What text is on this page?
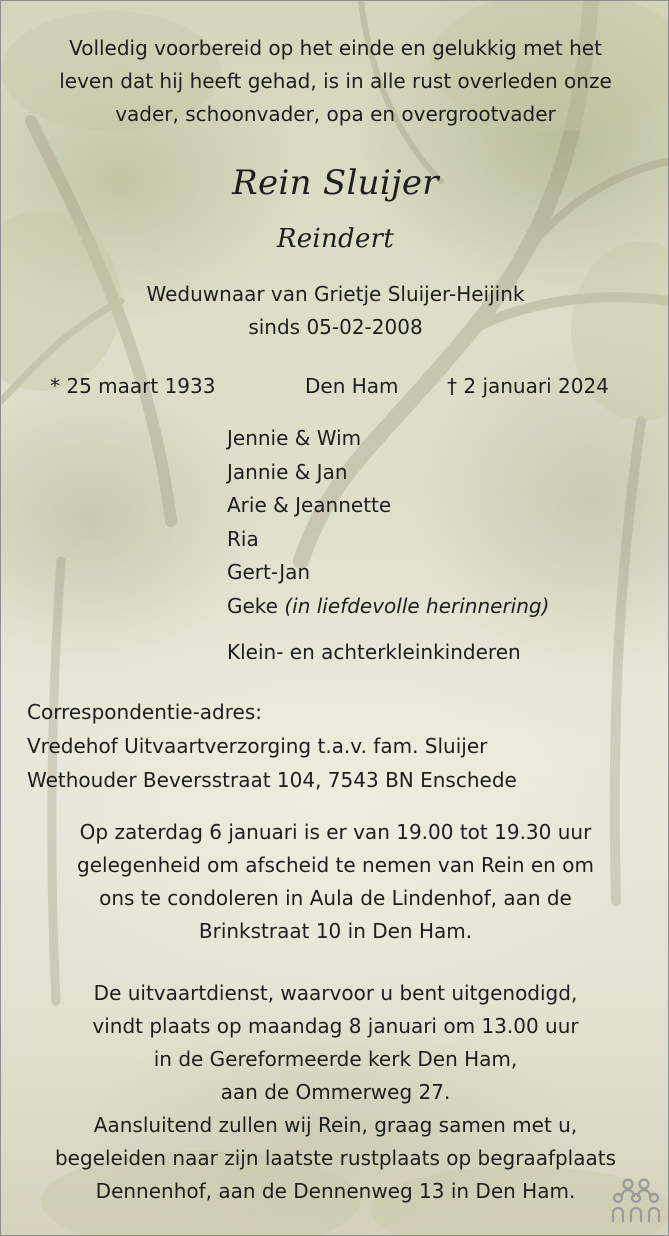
Volledig voorbereid op het einde en gelukkig met het
leven dat hij heeft gehad, is in alle rust overleden onze
vader, schoonvader, opa en overgrootvader
Rein Sluijer
Reindert
Weduwnaar van Grietje Sluijer-Heijink
sinds 05-02-2008
* 25 maart 1933	Den Ham † 2 januari 2024
Jennie & Wim
Jannie & Jan
Arie & Jeannette
Ria
Gert-Jan
Geke (in liefdevolle herinnering)
Klein- en achterkleinkinderen
Correspondentie-adres:
Vredehof Uitvaartverzorging t.a.v. fam. Sluijer
Wethouder Beversstraat 104, 7543 BN Enschede
Op zaterdag 6 januari is er van 19.00 tot 19.30 uur
gelegenheid om afscheid te nemen van Rein en om
ons te condoleren in Aula de Lindenhof, aan de
Brinkstraat 10 in Den Ham.
De uitvaartdienst, waarvoor u bent uitgenodigd,
vindt plaats op maandag 8 januari om 13.00 uur
in de Gereformeerde kerk Den Ham,
aan de Ommerweg 27.
Aansluitend zullen wij Rein, graag samen met u,
begeleiden naar zijn laatste rustplaats op begraafplaats
Dennenhof, aan de Dennenweg 13 in Den Ham.
